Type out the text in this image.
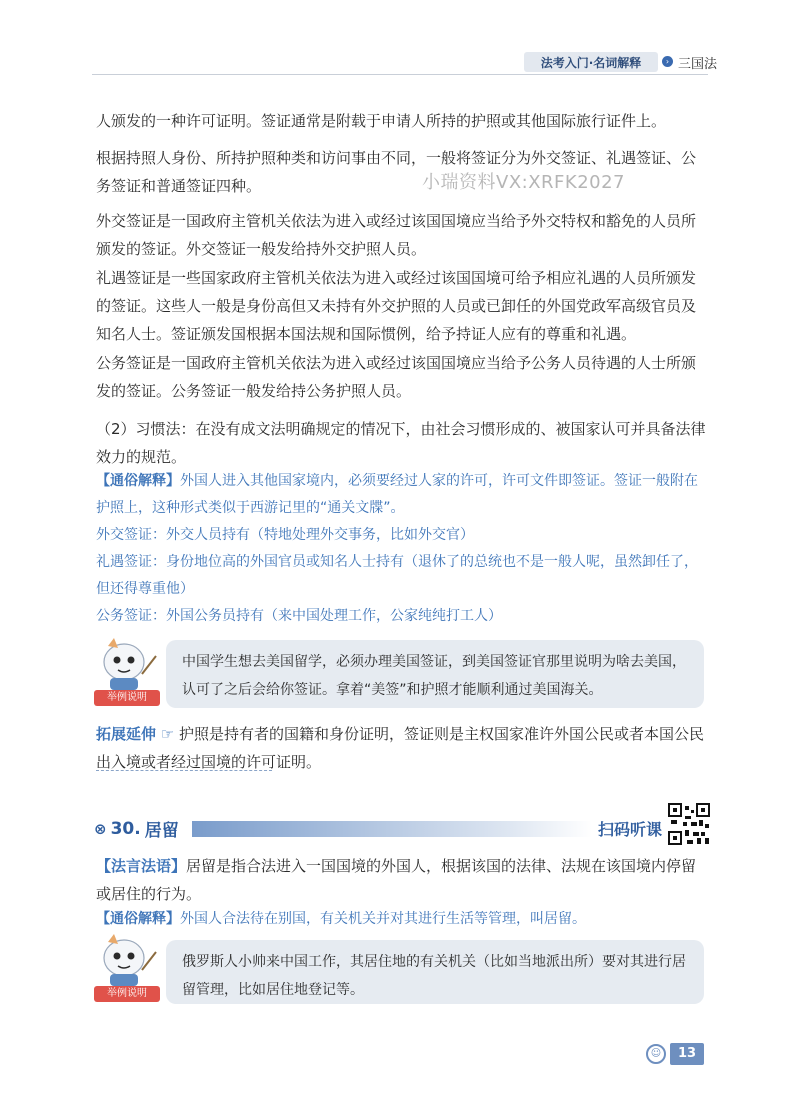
法考入门·名词解释	› 三国法

人颁发的一种许可证明。签证通常是附载于申请人所持的护照或其他国际旅行证件上。

根据持照人身份、所持护照种类和访问事由不同，一般将签证分为外交签证、礼遇签证、公务签证和普通签证四种。	小瑞资料VX:XRFK2027

外交签证是一国政府主管机关依法为进入或经过该国国境应当给予外交特权和豁免的人员所颁发的签证。外交签证一般发给持外交护照人员。

礼遇签证是一些国家政府主管机关依法为进入或经过该国国境可给予相应礼遇的人员所颁发的签证。这些人一般是身份高但又未持有外交护照的人员或已卸任的外国党政军高级官员及知名人士。签证颁发国根据本国法规和国际惯例，给予持证人应有的尊重和礼遇。

公务签证是一国政府主管机关依法为进入或经过该国国境应当给予公务人员待遇的人士所颁发的签证。公务签证一般发给持公务护照人员。

（2）习惯法：在没有成文法明确规定的情况下，由社会习惯形成的、被国家认可并具备法律效力的规范。

【通俗解释】外国人进入其他国家境内，必须要经过人家的许可，许可文件即签证。签证一般附在护照上，这种形式类似于西游记里的“通关文牒”。

外交签证：外交人员持有（特地处理外交事务，比如外交官）

礼遇签证：身份地位高的外国官员或知名人士持有（退休了的总统也不是一般人呢，虽然卸任了，但还得尊重他）

公务签证：外国公务员持有（来中国处理工作，公家纯纯打工人）

举例说明
中国学生想去美国留学，必须办理美国签证，到美国签证官那里说明为啥去美国，认可了之后会给你签证。拿着“美签”和护照才能顺利通过美国海关。

拓展延伸 ☞ 护照是持有者的国籍和身份证明，签证则是主权国家准许外国公民或者本国公民出入境或者经过国境的许可证明。

⊗ 30. 居留	扫码听课

【法言法语】居留是指合法进入一国国境的外国人，根据该国的法律、法规在该国境内停留或居住的行为。

【通俗解释】外国人合法待在别国，有关机关并对其进行生活等管理，叫居留。

举例说明
俄罗斯人小帅来中国工作，其居住地的有关机关（比如当地派出所）要对其进行居留管理，比如居住地登记等。
☺	13
